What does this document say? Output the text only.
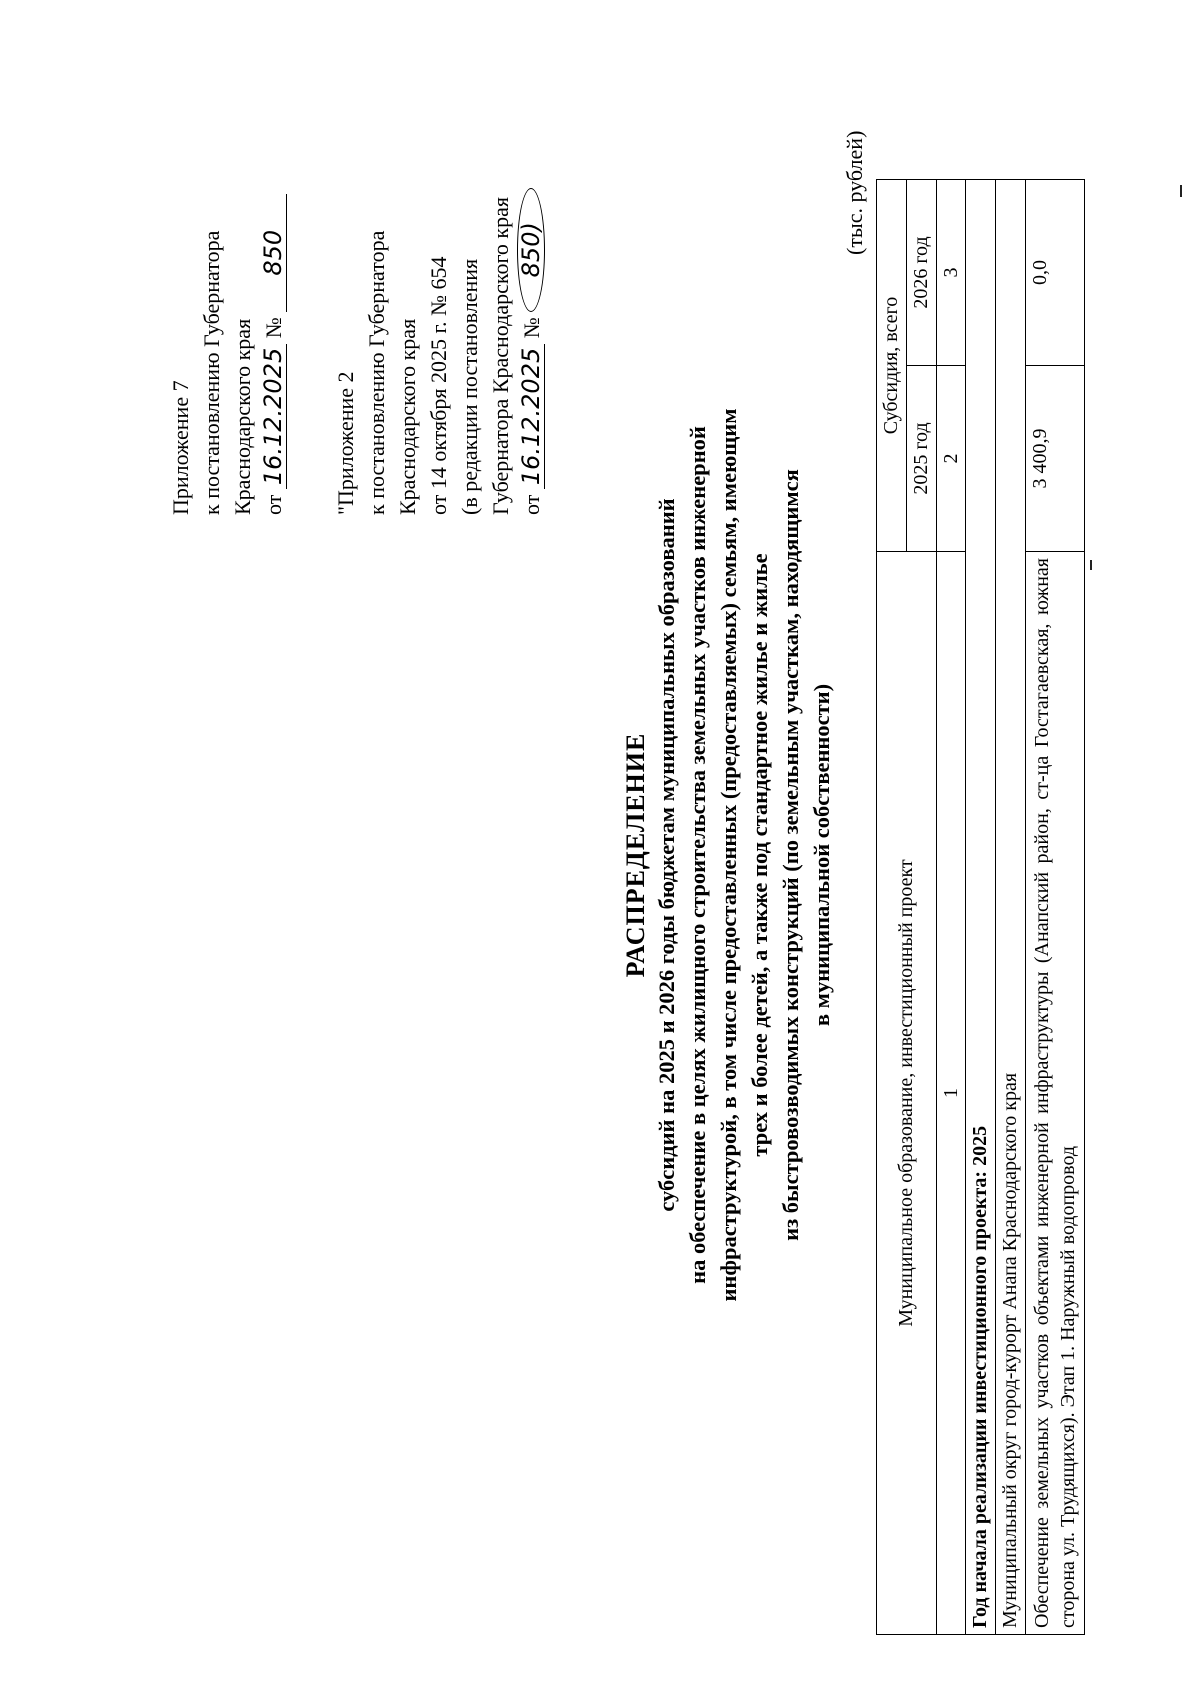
Приложение 7 к постановлению Губернатора Краснодарского края от 16.12.2025 № 850
"Приложение 2 к постановлению Губернатора Краснодарского края от 14 октября 2025 г. № 654 (в редакции постановления Губернатора Краснодарского края от 16.12.2025 № 850)
РАСПРЕДЕЛЕНИЕ субсидий на 2025 и 2026 годы бюджетам муниципальных образований на обеспечение в целях жилищного строительства земельных участков инженерной инфраструктурой, в том числе предоставленных (предоставляемых) семьям, имеющим трех и более детей, а также под стандартное жилье и жилье из быстровозводимых конструкций (по земельным участкам, находящимся в муниципальной собственности)
(тыс. рублей)
Муниципальное образование, инвестиционный проект	Субсидия, всего	
	2025 год	2026 год
1	2	3
Год начала реализации инвестиционного проекта: 2025		
Муниципальный округ город-курорт Анапа Краснодарского края		
Обеспечение земельных участков объектами инженерной инфраструктуры (Анапский район, ст-ца Гостагаевская, южная сторона ул. Трудящихся). Этап 1. Наружный водопровод	3 400,9	0,0
